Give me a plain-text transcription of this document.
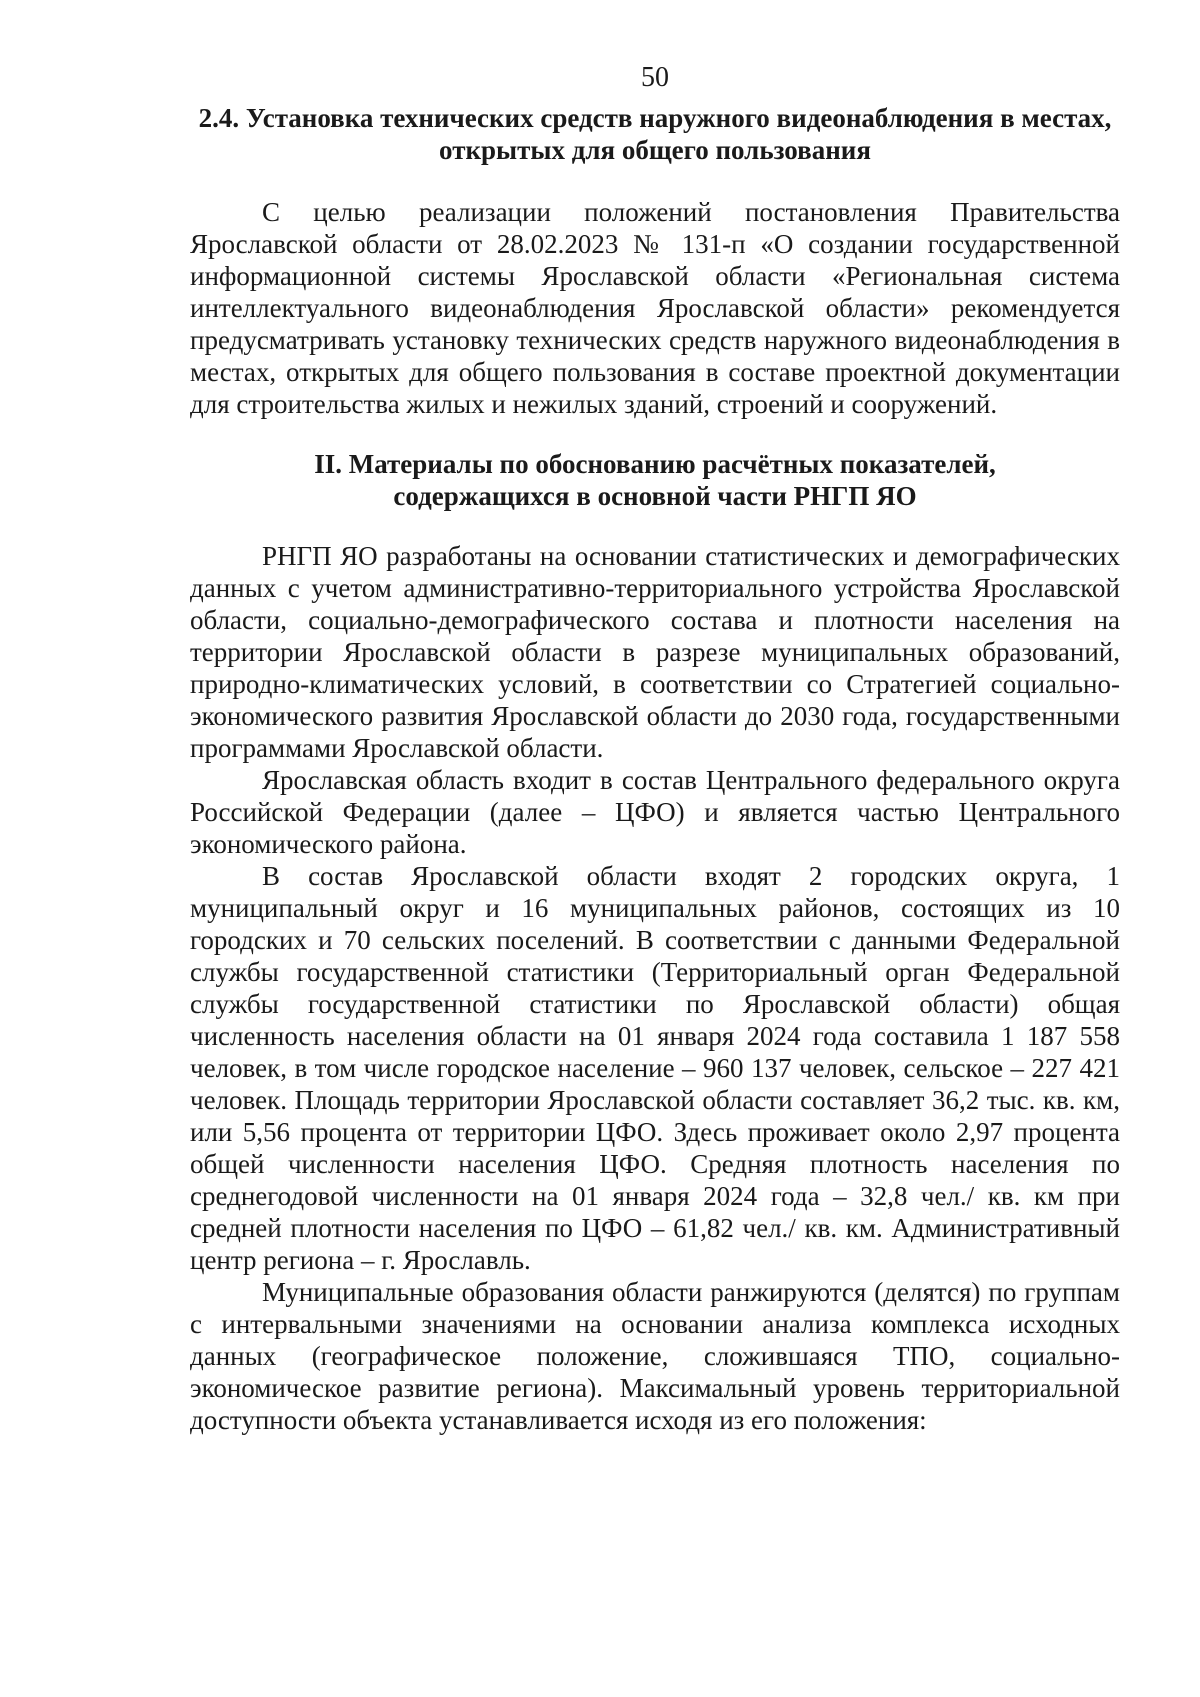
50
2.4. Установка технических средств наружного видеонаблюдения в местах,
открытых для общего пользования

С целью реализации положений постановления Правительства Ярославской области от 28.02.2023 № 131-п «О создании государственной информационной системы Ярославской области «Региональная система интеллектуального видеонаблюдения Ярославской области» рекомендуется предусматривать установку технических средств наружного видеонаблюдения в местах, открытых для общего пользования в составе проектной документации для строительства жилых и нежилых зданий, строений и сооружений.

II. Материалы по обоснованию расчётных показателей,
содержащихся в основной части РНГП ЯО

РНГП ЯО разработаны на основании статистических и демографических данных с учетом административно-территориального устройства Ярославской области, социально-демографического состава и плотности населения на территории Ярославской области в разрезе муниципальных образований, природно-климатических условий, в соответствии со Стратегией социально-экономического развития Ярославской области до 2030 года, государственными программами Ярославской области.

Ярославская область входит в состав Центрального федерального округа Российской Федерации (далее – ЦФО) и является частью Центрального экономического района.

В состав Ярославской области входят 2 городских округа, 1 муниципальный округ и 16 муниципальных районов, состоящих из 10 городских и 70 сельских поселений. В соответствии с данными Федеральной службы государственной статистики (Территориальный орган Федеральной службы государственной статистики по Ярославской области) общая численность населения области на 01 января 2024 года составила 1 187 558 человек, в том числе городское население – 960 137 человек, сельское – 227 421 человек. Площадь территории Ярославской области составляет 36,2 тыс. кв. км, или 5,56 процента от территории ЦФО. Здесь проживает около 2,97 процента общей численности населения ЦФО. Средняя плотность населения по среднегодовой численности на 01 января 2024 года – 32,8 чел./ кв. км при средней плотности населения по ЦФО – 61,82 чел./ кв. км. Административный центр региона – г. Ярославль.

Муниципальные образования области ранжируются (делятся) по группам с интервальными значениями на основании анализа комплекса исходных данных (географическое положение, сложившаяся ТПО, социально-экономическое развитие региона). Максимальный уровень территориальной доступности объекта устанавливается исходя из его положения:
